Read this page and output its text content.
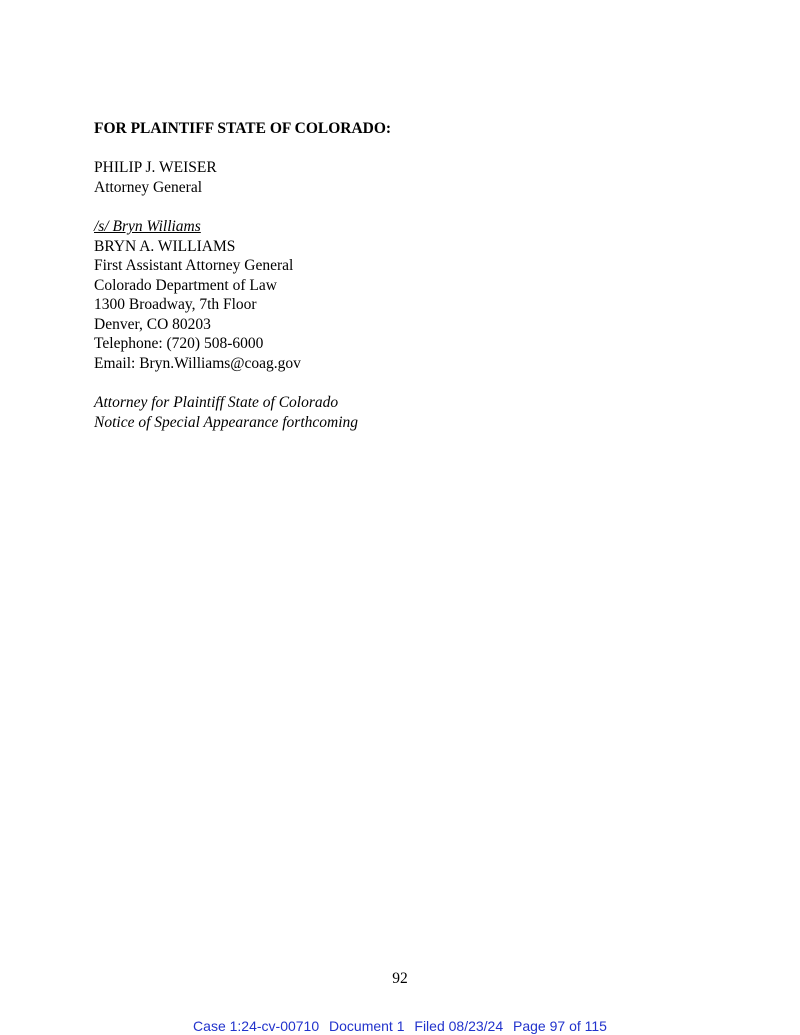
FOR PLAINTIFF STATE OF COLORADO:
PHILIP J. WEISER
Attorney General
/s/ Bryn Williams
BRYN A. WILLIAMS
First Assistant Attorney General
Colorado Department of Law
1300 Broadway, 7th Floor
Denver, CO 80203
Telephone: (720) 508-6000
Email: Bryn.Williams@coag.gov
Attorney for Plaintiff State of Colorado
Notice of Special Appearance forthcoming
92
Case 1:24-cv-00710 Document 1 Filed 08/23/24 Page 97 of 115
